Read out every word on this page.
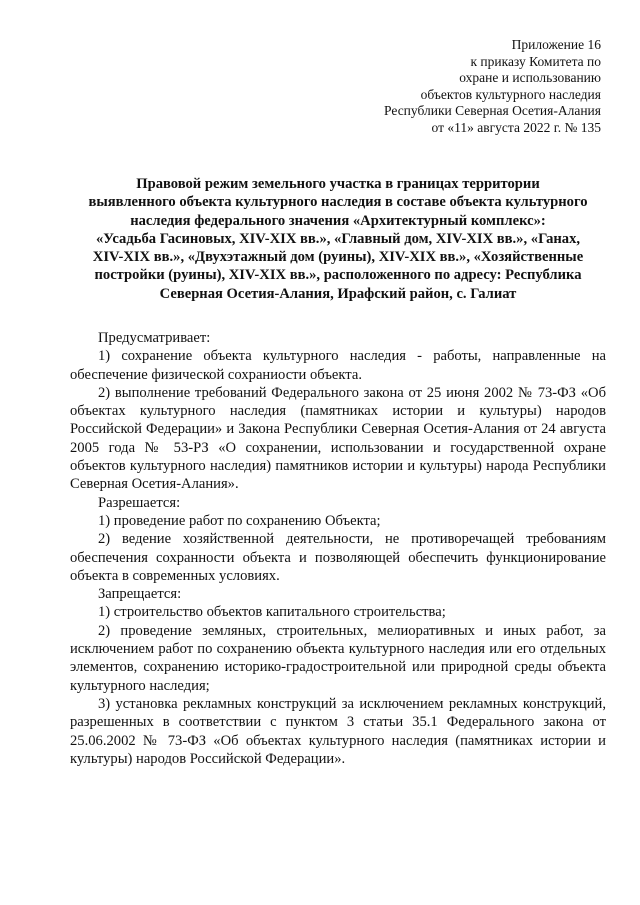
Приложение 16
к приказу Комитета по
охране и использованию
объектов культурного наследия
Республики Северная Осетия-Алания
от «11» августа 2022 г. № 135
Правовой режим земельного участка в границах территории
выявленного объекта культурного наследия в составе объекта культурного
наследия федерального значения «Архитектурный комплекс»:
«Усадьба Гасиновых, XIV-XIX вв.», «Главный дом, XIV-XIX вв.», «Ганах,
XIV-XIX вв.», «Двухэтажный дом (руины), XIV-XIX вв.», «Хозяйственные
постройки (руины), XIV-XIX вв.», расположенного по адресу: Республика
Северная Осетия-Алания, Ирафский район, с. Галиат

Предусматривает:

1) сохранение объекта культурного наследия - работы, направленные на обеспечение физической сохраниости объекта.

2) выполнение требований Федерального закона от 25 июня 2002 № 73-ФЗ «Об объектах культурного наследия (памятниках истории и культуры) народов Российской Федерации» и Закона Республики Северная Осетия-Алания от 24 августа 2005 года № 53-РЗ «О сохранении, использовании и государственной охране объектов культурного наследия) памятников истории и культуры) народа Республики Северная Осетия-Алания».

Разрешается:

1) проведение работ по сохранению Объекта;

2) ведение хозяйственной деятельности, не противоречащей требованиям обеспечения сохранности объекта и позволяющей обеспечить функционирование объекта в современных условиях.

Запрещается:

1) строительство объектов капитального строительства;

2) проведение земляных, строительных, мелиоративных и иных работ, за исключением работ по сохранению объекта культурного наследия или его отдельных элементов, сохранению историко-градостроительной или природной среды объекта культурного наследия;

3) установка рекламных конструкций за исключением рекламных конструкций, разрешенных в соответствии с пунктом 3 статьи 35.1 Федерального закона от 25.06.2002 № 73-ФЗ «Об объектах культурного наследия (памятниках истории и культуры) народов Российской Федерации».
